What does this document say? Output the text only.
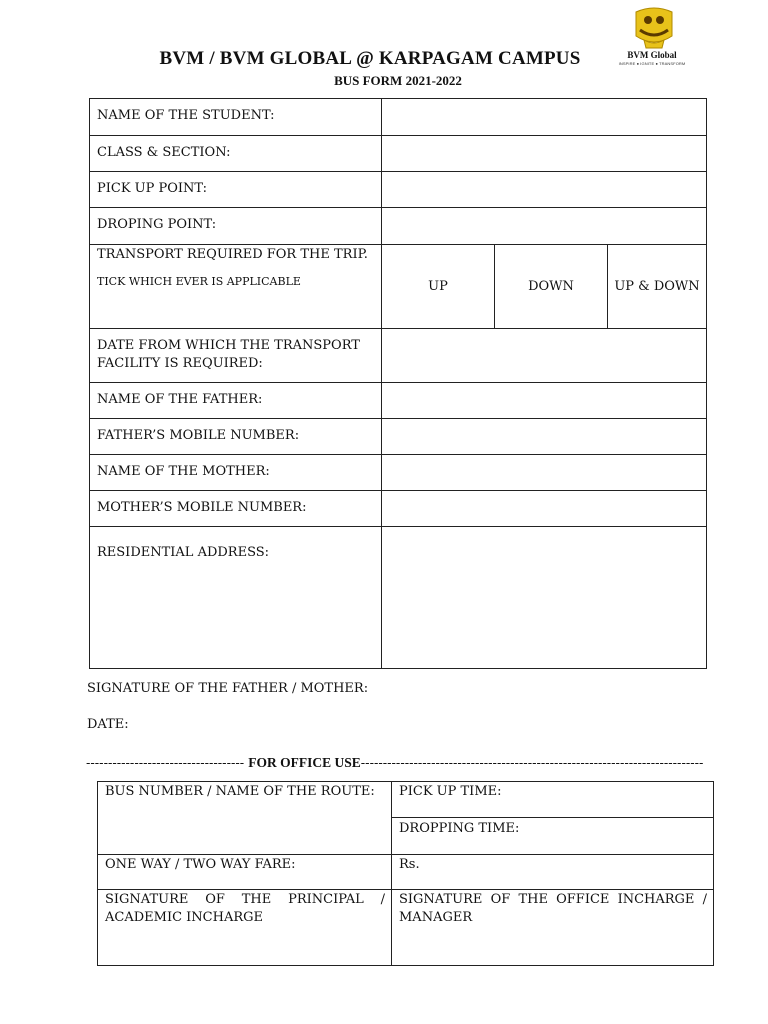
BVM / BVM GLOBAL @ KARPAGAM CAMPUS
BUS FORM 2021-2022
BVM Global
INSPIRE ● IGNITE ● TRANSFORM
NAME OF THE STUDENT:			
CLASS & SECTION:			
PICK UP POINT:			
DROPING POINT:			
TRANSPORT REQUIRED FOR THE TRIP.
TICK WHICH EVER IS APPLICABLE	UP	DOWN	UP & DOWN
DATE FROM WHICH THE TRANSPORT FACILITY IS REQUIRED:			
NAME OF THE FATHER:			
FATHER’S MOBILE NUMBER:			
NAME OF THE MOTHER:			
MOTHER’S MOBILE NUMBER:			
RESIDENTIAL ADDRESS:			
SIGNATURE OF THE FATHER / MOTHER:
DATE:
------------------------------------ FOR OFFICE USE------------------------------------------------------------------------------
BUS NUMBER / NAME OF THE ROUTE:	PICK UP TIME:
	DROPPING TIME:
ONE WAY / TWO WAY FARE:	Rs.
SIGNATURE OF THE PRINCIPAL / ACADEMIC INCHARGE	SIGNATURE OF THE OFFICE INCHARGE / MANAGER
